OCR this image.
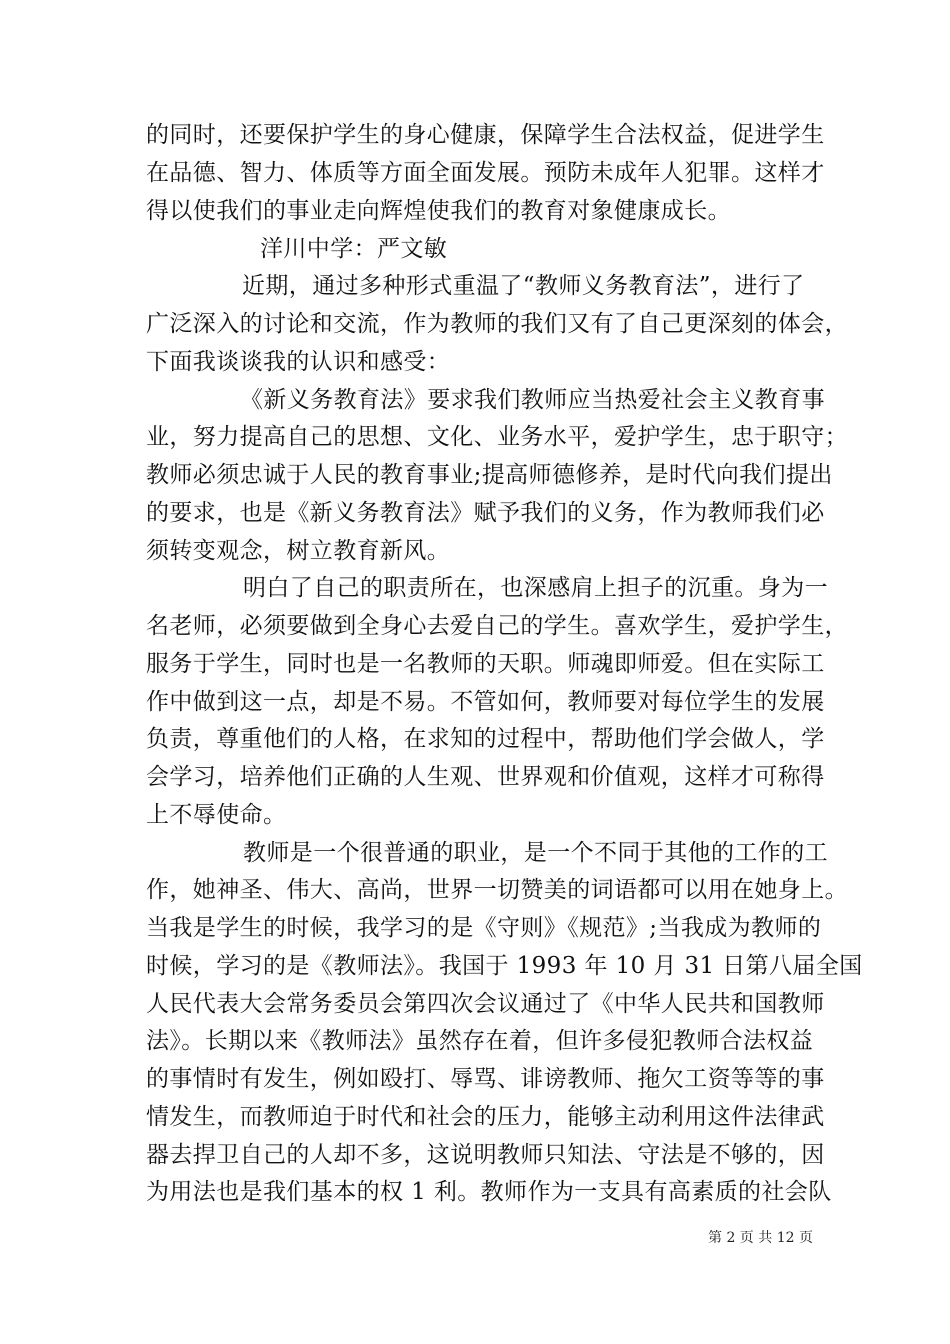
的同时，还要保护学生的身心健康，保障学生合法权益，促进学生
在品德、智力、体质等方面全面发展。预防未成年人犯罪。这样才
得以使我们的事业走向辉煌使我们的教育对象健康成长。
洋川中学：严文敏
近期，通过多种形式重温了“教师义务教育法”，进行了
广泛深入的讨论和交流，作为教师的我们又有了自己更深刻的体会，
下面我谈谈我的认识和感受：
《新义务教育法》要求我们教师应当热爱社会主义教育事
业，努力提高自己的思想、文化、业务水平，爱护学生，忠于职守；
教师必须忠诚于人民的教育事业;提高师德修养，是时代向我们提出
的要求，也是《新义务教育法》赋予我们的义务，作为教师我们必
须转变观念，树立教育新风。
明白了自己的职责所在，也深感肩上担子的沉重。身为一
名老师，必须要做到全身心去爱自己的学生。喜欢学生，爱护学生，
服务于学生，同时也是一名教师的天职。师魂即师爱。但在实际工
作中做到这一点，却是不易。不管如何，教师要对每位学生的发展
负责，尊重他们的人格，在求知的过程中，帮助他们学会做人，学
会学习，培养他们正确的人生观、世界观和价值观，这样才可称得
上不辱使命。
教师是一个很普通的职业，是一个不同于其他的工作的工
作，她神圣、伟大、高尚，世界一切赞美的词语都可以用在她身上。
当我是学生的时候，我学习的是《守则》《规范》;当我成为教师的
时候，学习的是《教师法》。我国于 1993 年 10 月 31 日第八届全国
人民代表大会常务委员会第四次会议通过了《中华人民共和国教师
法》。长期以来《教师法》虽然存在着，但许多侵犯教师合法权益
的事情时有发生，例如殴打、辱骂、诽谤教师、拖欠工资等等的事
情发生，而教师迫于时代和社会的压力，能够主动利用这件法律武
器去捍卫自己的人却不多，这说明教师只知法、守法是不够的，因
为用法也是我们基本的权 1 利。教师作为一支具有高素质的社会队
第 2 页 共 12 页
